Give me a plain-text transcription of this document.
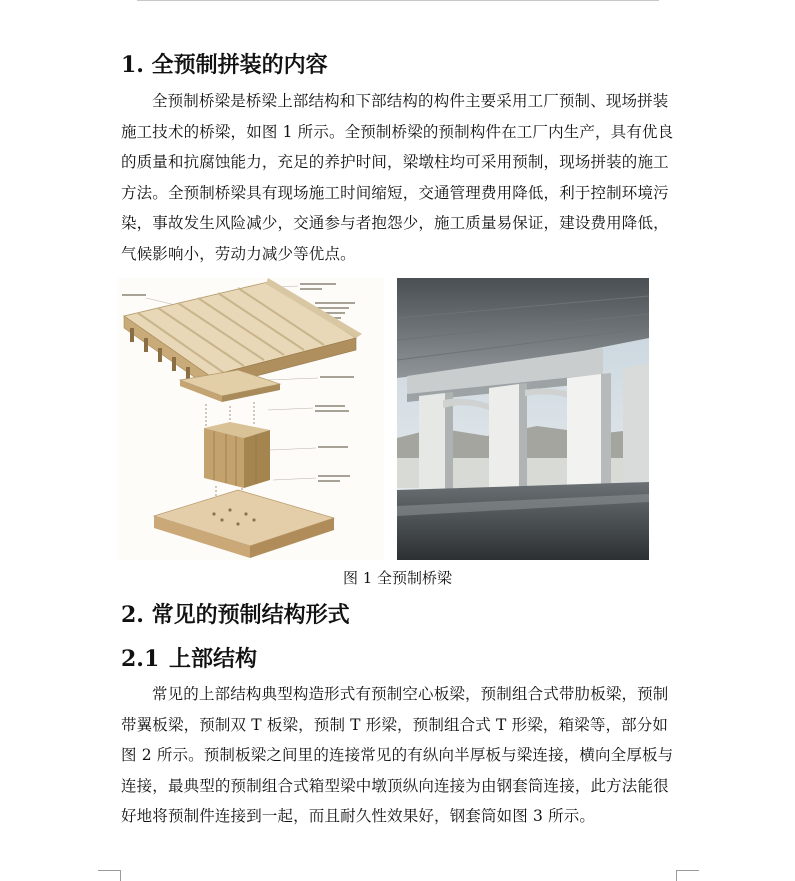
1. 全预制拼装的内容
全预制桥梁是桥梁上部结构和下部结构的构件主要采用工厂预制、现场拼装
施工技术的桥梁，如图 1 所示。全预制桥梁的预制构件在工厂内生产，具有优良
的质量和抗腐蚀能力，充足的养护时间，梁墩柱均可采用预制，现场拼装的施工
方法。全预制桥梁具有现场施工时间缩短，交通管理费用降低，利于控制环境污
染，事故发生风险减少，交通参与者抱怨少，施工质量易保证，建设费用降低，
气候影响小，劳动力减少等优点。
图 1 全预制桥梁
2. 常见的预制结构形式
2.1 上部结构
常见的上部结构典型构造形式有预制空心板梁，预制组合式带肋板梁，预制
带翼板梁，预制双 T 板梁，预制 T 形梁，预制组合式 T 形梁，箱梁等，部分如
图 2 所示。预制板梁之间里的连接常见的有纵向半厚板与梁连接，横向全厚板与
连接，最典型的预制组合式箱型梁中墩顶纵向连接为由钢套筒连接，此方法能很
好地将预制件连接到一起，而且耐久性效果好，钢套筒如图 3 所示。
